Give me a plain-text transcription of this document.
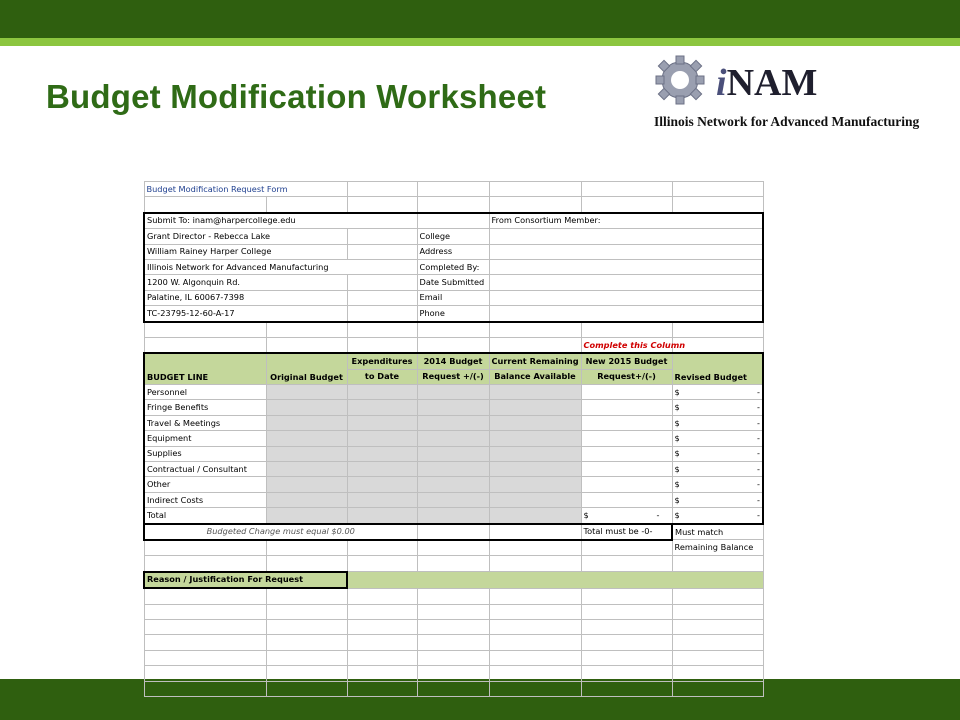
Budget Modification Worksheet	iNAM
Illinois Network for Advanced Manufacturing
Budget Modification Request Form						

Submit To: inam@harpercollege.edu				From Consortium Member:		
Grant Director - Rebecca Lake			College			
William Rainey Harper College			Address			
Illinois Network for Advanced Manufacturing			Completed By:			
1200 W. Algonquin Rd.			Date Submitted			
Palatine, IL 60067-7398			Email			
TC-23795-12-60-A-17			Phone			

					Complete this Column	
BUDGET LINE	Original Budget	Expenditures	2014 Budget	Current Remaining	New 2015 Budget	Revised Budget
		to Date	Request +/(-)	Balance Available	Request+/(-)	
Personnel						$ -

Fringe Benefits						$ -

Travel & Meetings						$ -

Equipment						$ -

Supplies						$ -

Contractual / Consultant						$ -

Other						$ -

Indirect Costs						$ -

Total					$ -	$ -

Budgeted Change must equal $0.00					Total must be -0-	Must match
						Remaining Balance

Reason / Justification For Request						
